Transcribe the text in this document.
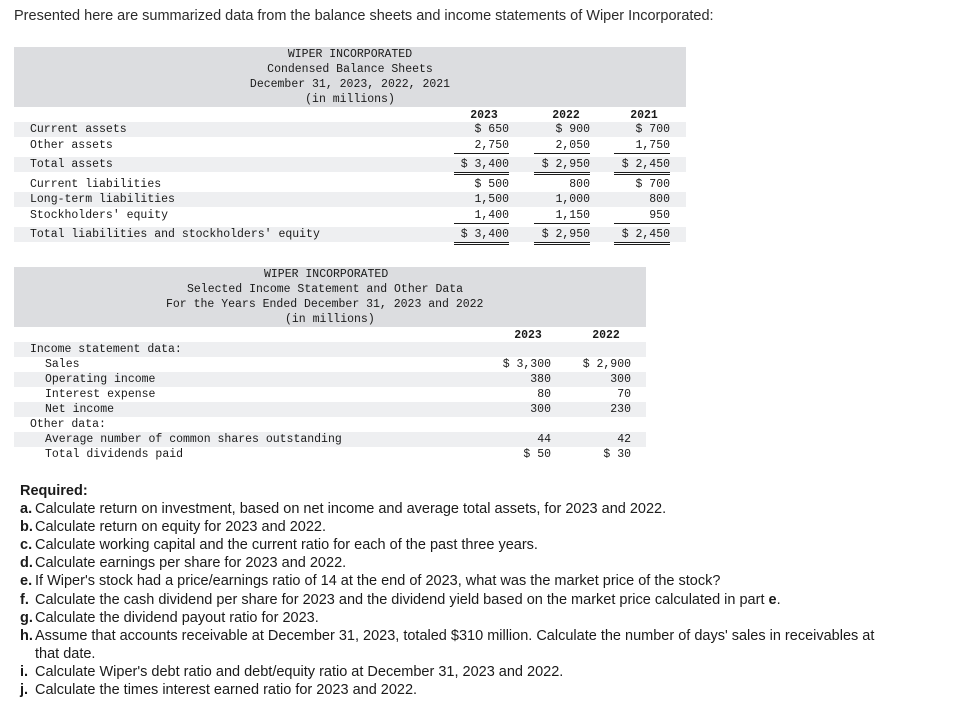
Presented here are summarized data from the balance sheets and income statements of Wiper Incorporated:
WIPER INCORPORATED
Condensed Balance Sheets
December 31, 2023, 2022, 2021
(in millions)
2023	2022	2021
Current assets	$ 650	$ 900	$ 700
Other assets	2,750	2,050	1,750
Total assets	$ 3,400	$ 2,950	$ 2,450
Current liabilities	$ 500	800	$ 700
Long-term liabilities	1,500	1,000	800
Stockholders' equity	1,400	1,150	950
Total liabilities and stockholders' equity	$ 3,400	$ 2,950	$ 2,450
WIPER INCORPORATED
Selected Income Statement and Other Data
For the Years Ended December 31, 2023 and 2022
(in millions)
2023	2022
Income statement data:
Sales	$ 3,300	$ 2,900
Operating income	380	300
Interest expense	80	70
Net income	300	230
Other data:
Average number of common shares outstanding	44	42
Total dividends paid	$ 50	$ 30
Required:
a. Calculate return on investment, based on net income and average total assets, for 2023 and 2022.
b. Calculate return on equity for 2023 and 2022.
c. Calculate working capital and the current ratio for each of the past three years.
d. Calculate earnings per share for 2023 and 2022.
e. If Wiper's stock had a price/earnings ratio of 14 at the end of 2023, what was the market price of the stock?
f. Calculate the cash dividend per share for 2023 and the dividend yield based on the market price calculated in part e.
g. Calculate the dividend payout ratio for 2023.
h. Assume that accounts receivable at December 31, 2023, totaled $310 million. Calculate the number of days' sales in receivables at
that date.
i. Calculate Wiper's debt ratio and debt/equity ratio at December 31, 2023 and 2022.
j. Calculate the times interest earned ratio for 2023 and 2022.
